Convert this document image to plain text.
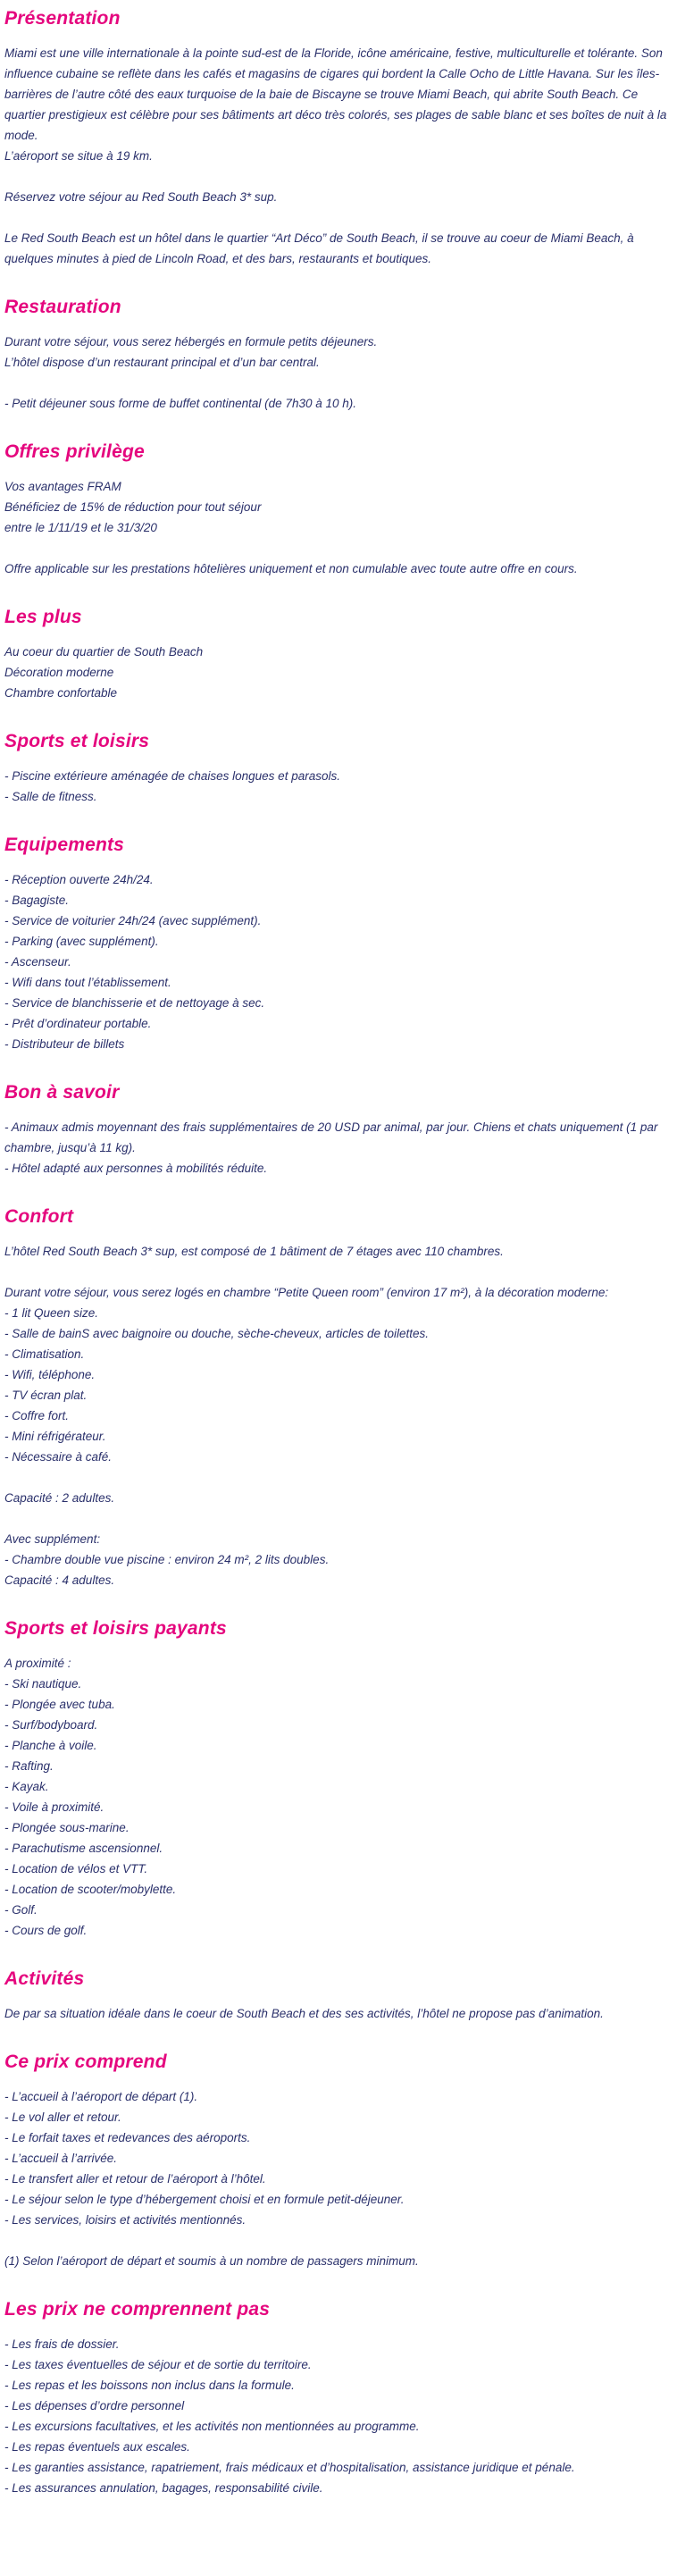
Présentation
Miami est une ville internationale à la pointe sud-est de la Floride, icône américaine, festive, multiculturelle et tolérante. Son influence cubaine se reflète dans les cafés et magasins de cigares qui bordent la Calle Ocho de Little Havana. Sur les îles-barrières de l’autre côté des eaux turquoise de la baie de Biscayne se trouve Miami Beach, qui abrite South Beach. Ce quartier prestigieux est célèbre pour ses bâtiments art déco très colorés, ses plages de sable blanc et ses boîtes de nuit à la mode.
L’aéroport se situe à 19 km.
Réservez votre séjour au Red South Beach 3* sup.
Le Red South Beach est un hôtel dans le quartier “Art Déco” de South Beach, il se trouve au coeur de Miami Beach, à quelques minutes à pied de Lincoln Road, et des bars, restaurants et boutiques.
Restauration
Durant votre séjour, vous serez hébergés en formule petits déjeuners.
L’hôtel dispose d’un restaurant principal et d’un bar central.
- Petit déjeuner sous forme de buffet continental (de 7h30 à 10 h).
Offres privilège
Vos avantages FRAM
Bénéficiez de 15% de réduction pour tout séjour
entre le 1/11/19 et le 31/3/20
Offre applicable sur les prestations hôtelières uniquement et non cumulable avec toute autre offre en cours.
Les plus
Au coeur du quartier de South Beach
Décoration moderne
Chambre confortable
Sports et loisirs
- Piscine extérieure aménagée de chaises longues et parasols.
- Salle de fitness.
Equipements
- Réception ouverte 24h/24.
- Bagagiste.
- Service de voiturier 24h/24 (avec supplément).
- Parking (avec supplément).
- Ascenseur.
- Wifi dans tout l’établissement.
- Service de blanchisserie et de nettoyage à sec.
- Prêt d’ordinateur portable.
- Distributeur de billets
Bon à savoir
- Animaux admis moyennant des frais supplémentaires de 20 USD par animal, par jour. Chiens et chats uniquement (1 par chambre, jusqu’à 11 kg).
- Hôtel adapté aux personnes à mobilités réduite.
Confort
L’hôtel Red South Beach 3* sup, est composé de 1 bâtiment de 7 étages avec 110 chambres.
Durant votre séjour, vous serez logés en chambre “Petite Queen room” (environ 17 m²), à la décoration moderne:
- 1 lit Queen size.
- Salle de bainS avec baignoire ou douche, sèche-cheveux, articles de toilettes.
- Climatisation.
- Wifi, téléphone.
- TV écran plat.
- Coffre fort.
- Mini réfrigérateur.
- Nécessaire à café.
Capacité : 2 adultes.
Avec supplément:
- Chambre double vue piscine : environ 24 m², 2 lits doubles.
Capacité : 4 adultes.
Sports et loisirs payants
A proximité :
- Ski nautique.
- Plongée avec tuba.
- Surf/bodyboard.
- Planche à voile.
- Rafting.
- Kayak.
- Voile à proximité.
- Plongée sous-marine.
- Parachutisme ascensionnel.
- Location de vélos et VTT.
- Location de scooter/mobylette.
- Golf.
- Cours de golf.
Activités
De par sa situation idéale dans le coeur de South Beach et des ses activités, l’hôtel ne propose pas d’animation.
Ce prix comprend
- L’accueil à l’aéroport de départ (1).
- Le vol aller et retour.
- Le forfait taxes et redevances des aéroports.
- L’accueil à l’arrivée.
- Le transfert aller et retour de l’aéroport à l’hôtel.
- Le séjour selon le type d’hébergement choisi et en formule petit-déjeuner.
- Les services, loisirs et activités mentionnés.
(1) Selon l’aéroport de départ et soumis à un nombre de passagers minimum.
Les prix ne comprennent pas
- Les frais de dossier.
- Les taxes éventuelles de séjour et de sortie du territoire.
- Les repas et les boissons non inclus dans la formule.
- Les dépenses d’ordre personnel
- Les excursions facultatives, et les activités non mentionnées au programme.
- Les repas éventuels aux escales.
- Les garanties assistance, rapatriement, frais médicaux et d’hospitalisation, assistance juridique et pénale.
- Les assurances annulation, bagages, responsabilité civile.
